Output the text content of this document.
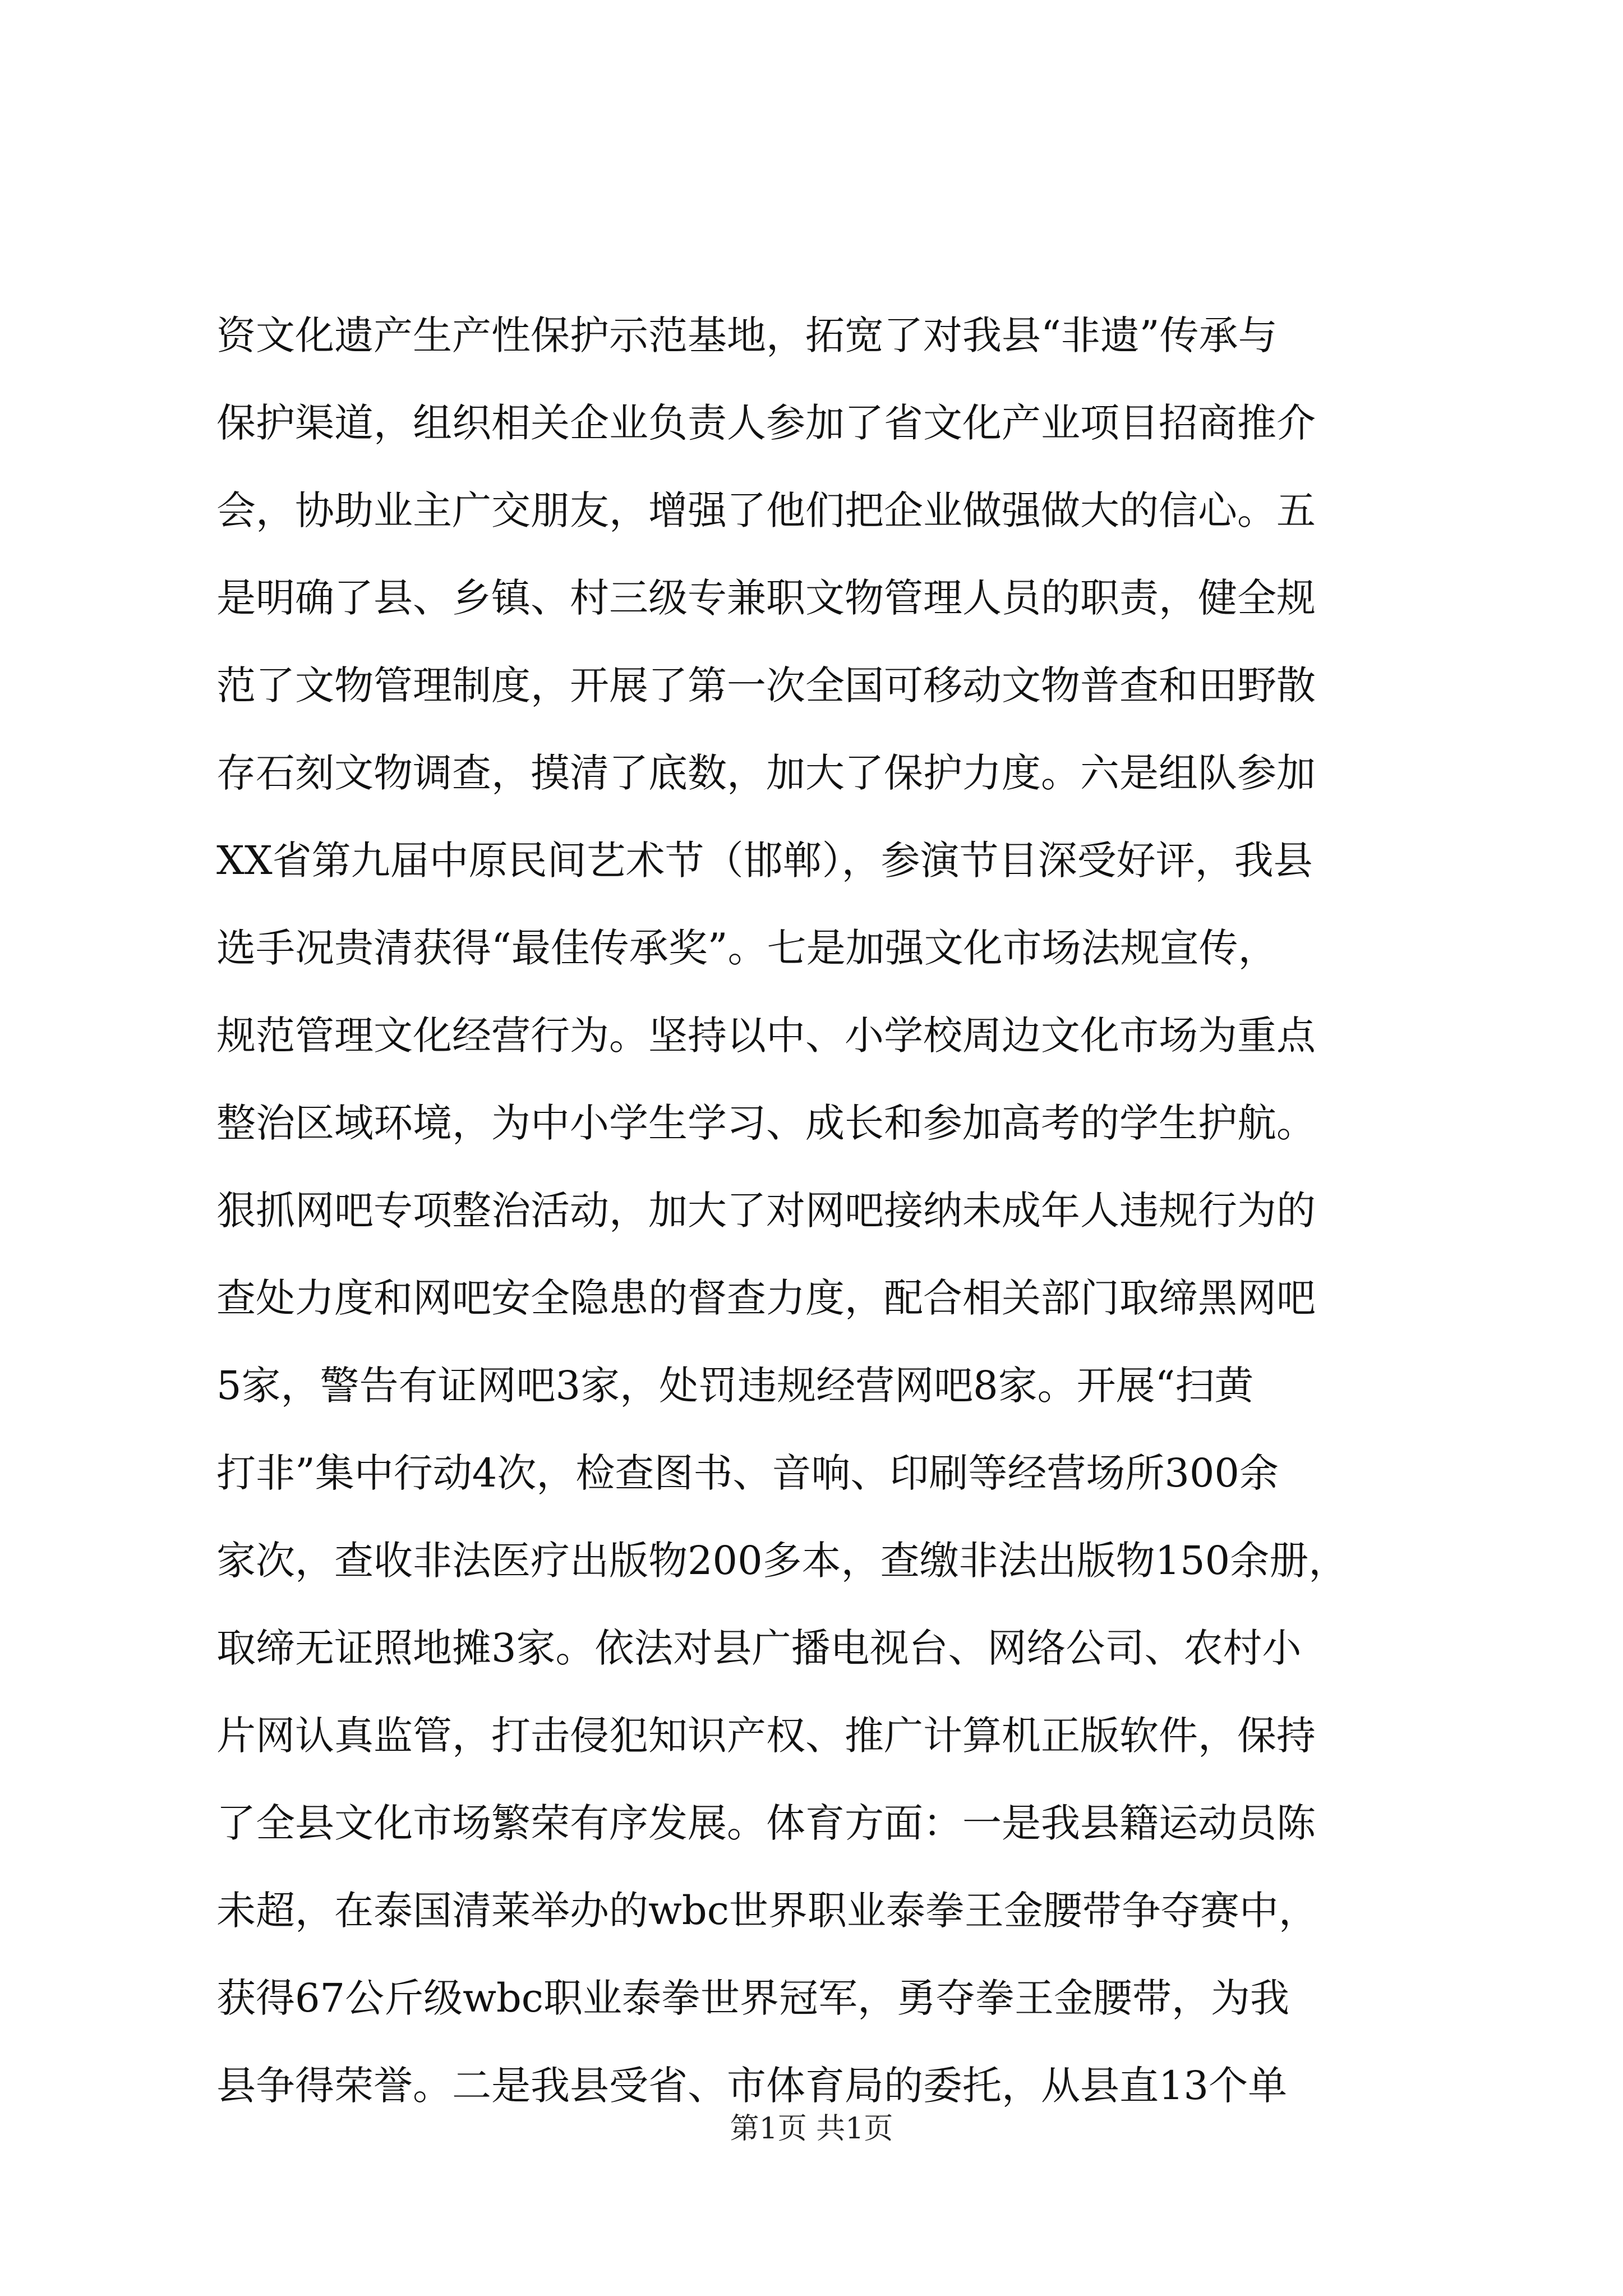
资文化遗产生产性保护示范基地，拓宽了对我县“非遗”传承与
保护渠道，组织相关企业负责人参加了省文化产业项目招商推介
会，协助业主广交朋友，增强了他们把企业做强做大的信心。五
是明确了县、乡镇、村三级专兼职文物管理人员的职责，健全规
范了文物管理制度，开展了第一次全国可移动文物普查和田野散
存石刻文物调查，摸清了底数，加大了保护力度。六是组队参加
XX省第九届中原民间艺术节（邯郸），参演节目深受好评，我县
选手况贵清获得“最佳传承奖”。七是加强文化市场法规宣传，
规范管理文化经营行为。坚持以中、小学校周边文化市场为重点
整治区域环境，为中小学生学习、成长和参加高考的学生护航。
狠抓网吧专项整治活动，加大了对网吧接纳未成年人违规行为的
查处力度和网吧安全隐患的督查力度，配合相关部门取缔黑网吧
5家，警告有证网吧3家，处罚违规经营网吧8家。开展“扫黄
打非”集中行动4次，检查图书、音响、印刷等经营场所300余
家次，查收非法医疗出版物200多本，查缴非法出版物150余册，
取缔无证照地摊3家。依法对县广播电视台、网络公司、农村小
片网认真监管，打击侵犯知识产权、推广计算机正版软件，保持
了全县文化市场繁荣有序发展。体育方面：一是我县籍运动员陈
未超，在泰国清莱举办的wbc世界职业泰拳王金腰带争夺赛中，
获得67公斤级wbc职业泰拳世界冠军，勇夺拳王金腰带，为我
县争得荣誉。二是我县受省、市体育局的委托，从县直13个单
第1页 共1页
